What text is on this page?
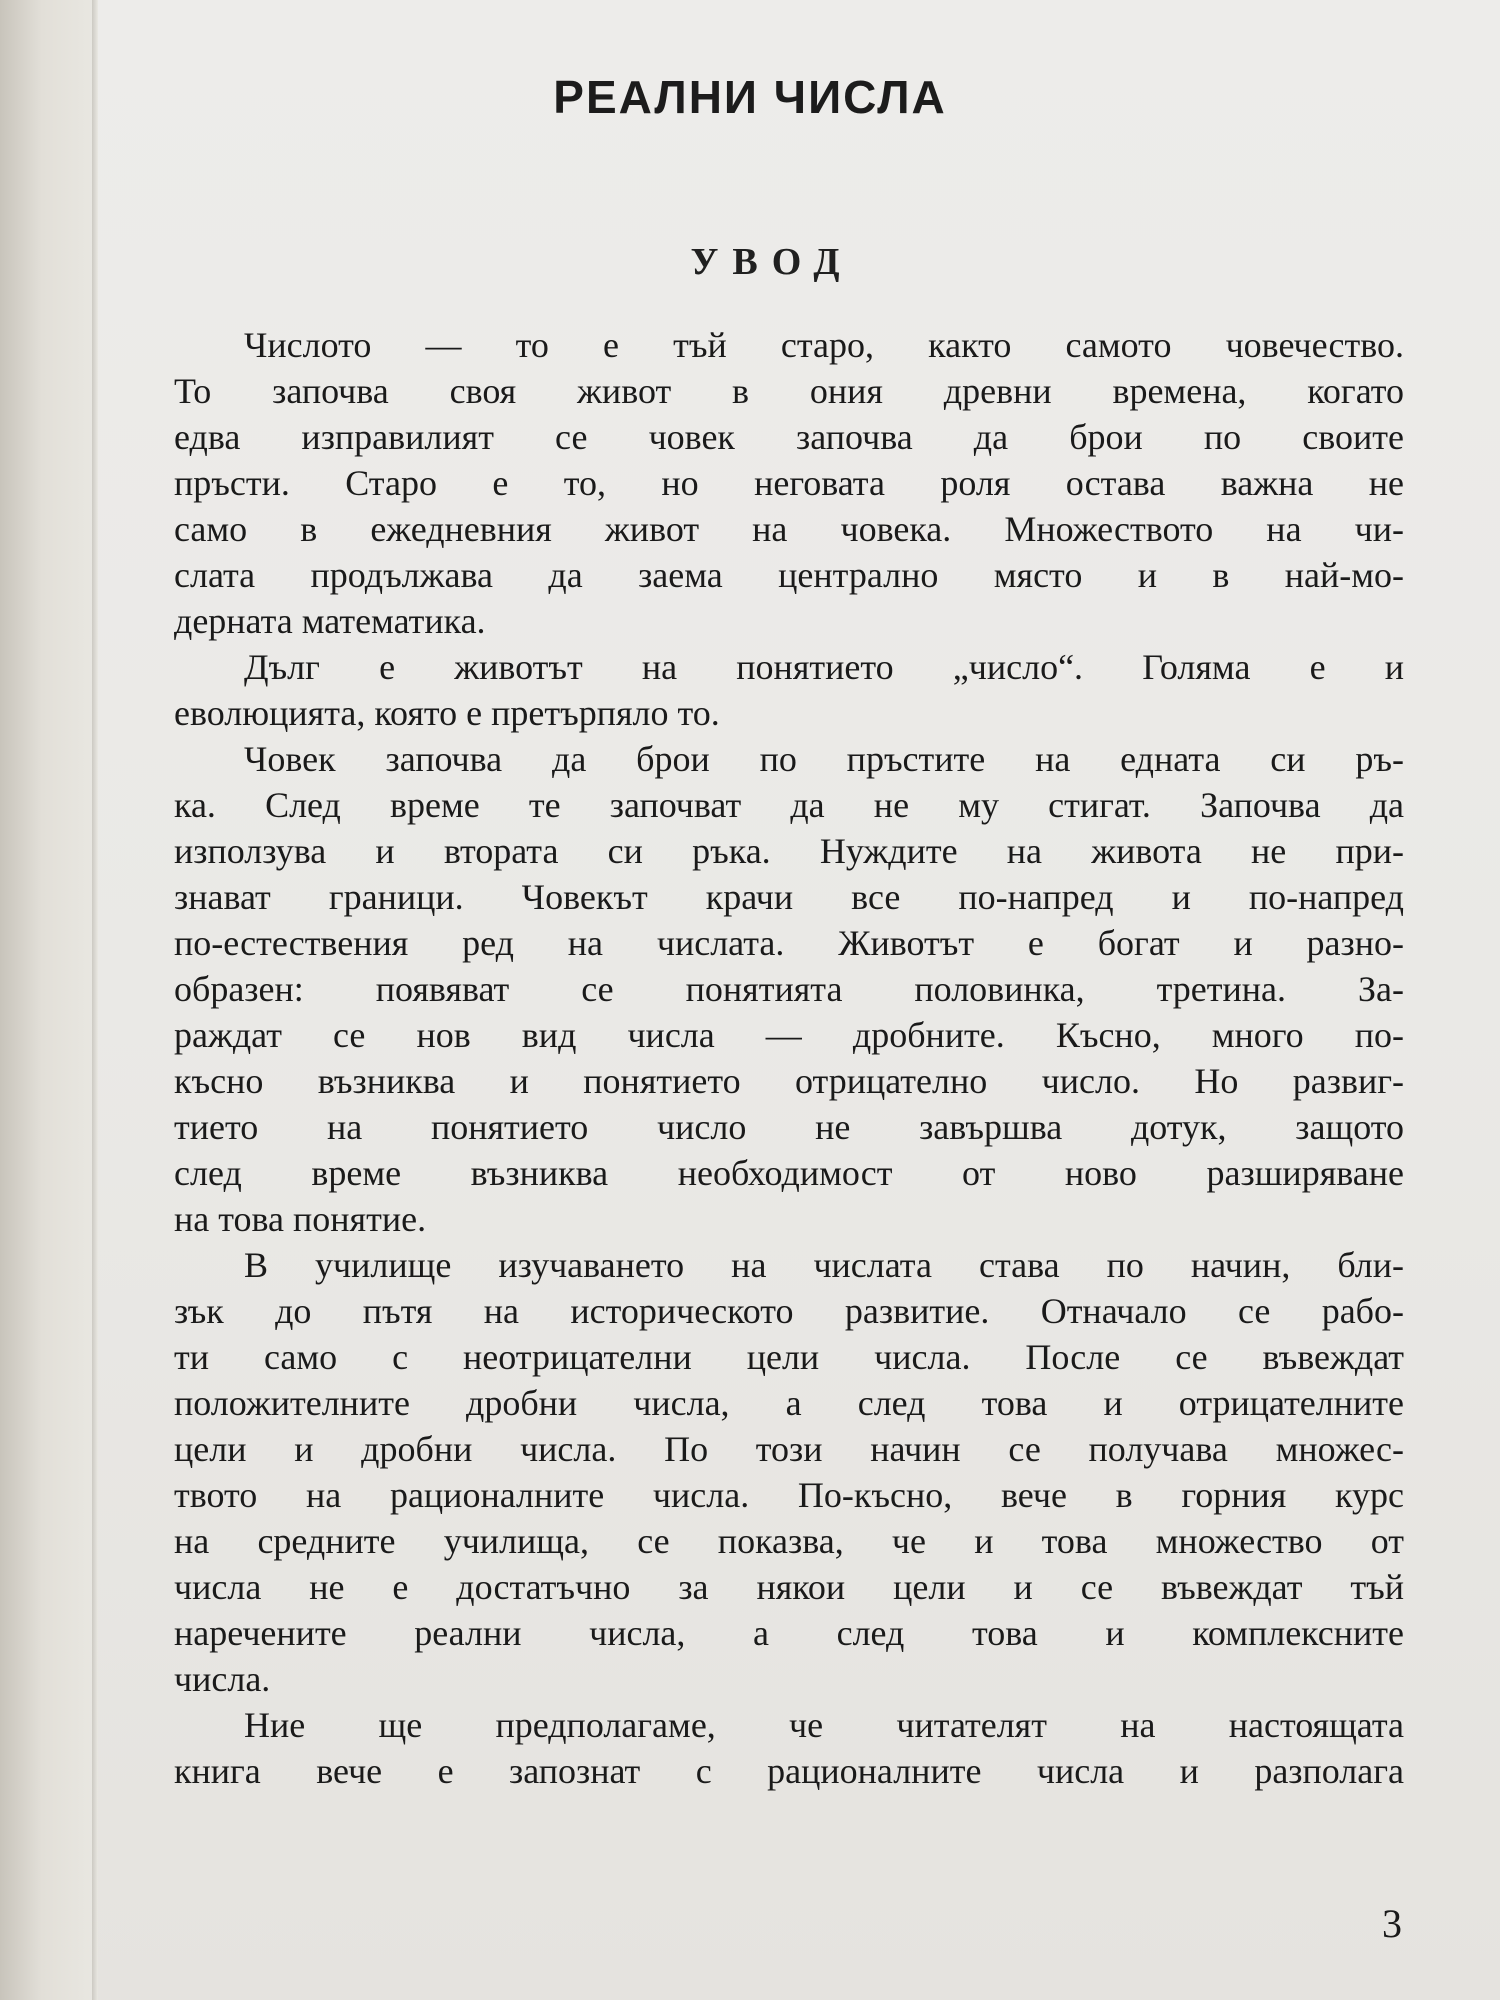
РЕАЛНИ ЧИСЛА
УВОД
Числото — то е тъй старо, както самото човечество.
То започва своя живот в ония древни времена, когато
едва изправилият се човек започва да брои по своите
пръсти. Старо е то, но неговата роля остава важна не
само в ежедневния живот на човека. Множеството на чи-
слата продължава да заема централно място и в най-мо-
дерната математика.
Дълг е животът на понятието „число“. Голяма е и
еволюцията, която е претърпяло то.
Човек започва да брои по пръстите на едната си ръ-
ка. След време те започват да не му стигат. Започва да
използува и втората си ръка. Нуждите на живота не при-
знават граници. Човекът крачи все по-напред и по-напред
по-естествения ред на числата. Животът е богат и разно-
образен: появяват се понятията половинка, третина. За-
раждат се нов вид числа — дробните. Късно, много по-
късно възниква и понятието отрицателно число. Но развиг-
тието на понятието число не завършва дотук, защото
след време възниква необходимост от ново разширяване
на това понятие.
В училище изучаването на числата става по начин, бли-
зък до пътя на историческото развитие. Отначало се рабо-
ти само с неотрицателни цели числа. После се въвеждат
положителните дробни числа, а след това и отрицателните
цели и дробни числа. По този начин се получава множес-
твото на рационалните числа. По-късно, вече в горния курс
на средните училища, се показва, че и това множество от
числа не е достатъчно за някои цели и се въвеждат тъй
наречените реални числа, а след това и комплексните
числа.
Ние ще предполагаме, че читателят на настоящата
книга вече е запознат с рационалните числа и разполага
3
